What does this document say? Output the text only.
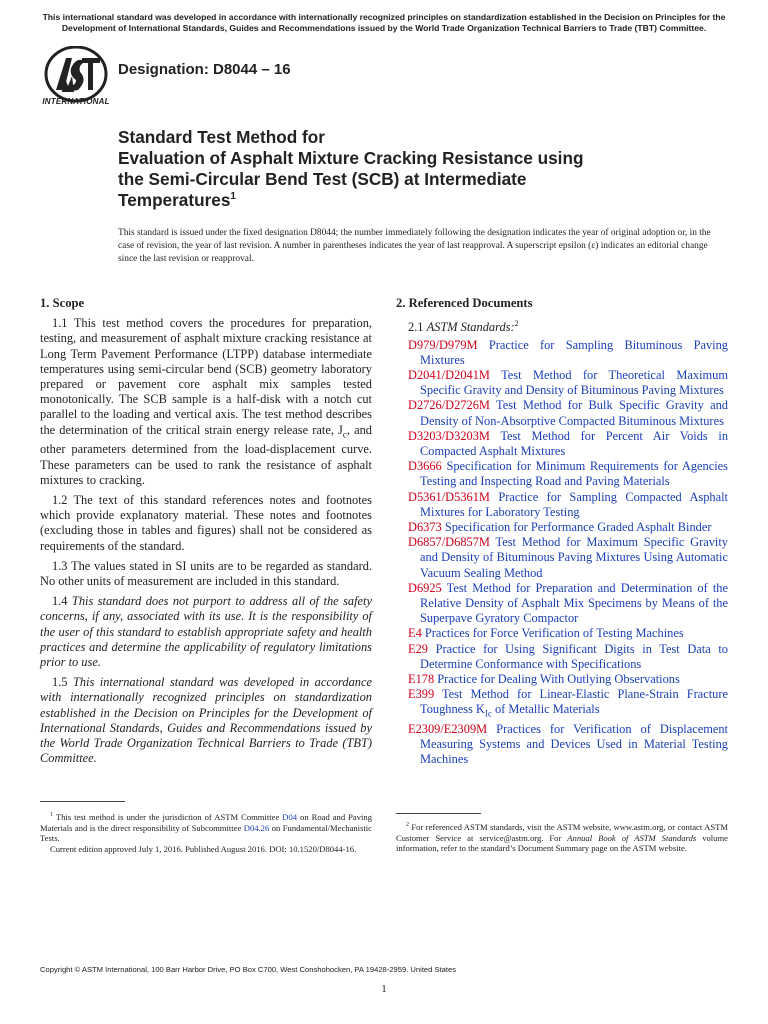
This international standard was developed in accordance with internationally recognized principles on standardization established in the Decision on Principles for the Development of International Standards, Guides and Recommendations issued by the World Trade Organization Technical Barriers to Trade (TBT) Committee.
INTERNATIONAL
Designation: D8044 – 16
Standard Test Method for
Evaluation of Asphalt Mixture Cracking Resistance using
the Semi-Circular Bend Test (SCB) at Intermediate
Temperatures$^1$
This standard is issued under the fixed designation D8044; the number immediately following the designation indicates the year of original adoption or, in the case of revision, the year of last revision. A number in parentheses indicates the year of last reapproval. A superscript epsilon (ε) indicates an editorial change since the last revision or reapproval.
1. Scope

1.1 This test method covers the procedures for preparation, testing, and measurement of asphalt mixture cracking resistance at Long Term Pavement Performance (LTPP) database intermediate temperatures using semi-circular bend (SCB) geometry laboratory prepared or pavement core asphalt mix samples tested monotonically. The SCB sample is a half-disk with a notch cut parallel to the loading and vertical axis. The test method describes the determination of the critical strain energy release rate, $J_c$, and other parameters determined from the load-displacement curve. These parameters can be used to rank the resistance of asphalt mixtures to cracking.

1.2 The text of this standard references notes and footnotes which provide explanatory material. These notes and footnotes (excluding those in tables and figures) shall not be considered as requirements of the standard.

1.3 The values stated in SI units are to be regarded as standard. No other units of measurement are included in this standard.

1.4 This standard does not purport to address all of the safety concerns, if any, associated with its use. It is the responsibility of the user of this standard to establish appropriate safety and health practices and determine the applicability of regulatory limitations prior to use.

1.5 This international standard was developed in accordance with internationally recognized principles on standardization established in the Decision on Principles for the Development of International Standards, Guides and Recommendations issued by the World Trade Organization Technical Barriers to Trade (TBT) Committee.

2. Referenced Documents
2.1 ASTM Standards:$^2$

D979/D979M Practice for Sampling Bituminous Paving Mixtures

D2041/D2041M Test Method for Theoretical Maximum Specific Gravity and Density of Bituminous Paving Mixtures

D2726/D2726M Test Method for Bulk Specific Gravity and Density of Non-Absorptive Compacted Bituminous Mixtures

D3203/D3203M Test Method for Percent Air Voids in Compacted Asphalt Mixtures

D3666 Specification for Minimum Requirements for Agencies Testing and Inspecting Road and Paving Materials

D5361/D5361M Practice for Sampling Compacted Asphalt Mixtures for Laboratory Testing

D6373 Specification for Performance Graded Asphalt Binder

D6857/D6857M Test Method for Maximum Specific Gravity and Density of Bituminous Paving Mixtures Using Automatic Vacuum Sealing Method

D6925 Test Method for Preparation and Determination of the Relative Density of Asphalt Mix Specimens by Means of the Superpave Gyratory Compactor

E4 Practices for Force Verification of Testing Machines

E29 Practice for Using Significant Digits in Test Data to Determine Conformance with Specifications

E178 Practice for Dealing With Outlying Observations

E399 Test Method for Linear-Elastic Plane-Strain Fracture Toughness $K_{Ic}$ of Metallic Materials

E2309/E2309M Practices for Verification of Displacement Measuring Systems and Devices Used in Material Testing Machines

$^1$ This test method is under the jurisdiction of ASTM Committee D04 on Road and Paving Materials and is the direct responsibility of Subcommittee D04.26 on Fundamental/Mechanistic Tests.

Current edition approved July 1, 2016. Published August 2016. DOI: 10.1520/D8044-16.

$^2$ For referenced ASTM standards, visit the ASTM website, www.astm.org, or contact ASTM Customer Service at service@astm.org. For Annual Book of ASTM Standards volume information, refer to the standard’s Document Summary page on the ASTM website.

Copyright © ASTM International, 100 Barr Harbor Drive, PO Box C700, West Conshohocken, PA 19428-2959. United States
1
